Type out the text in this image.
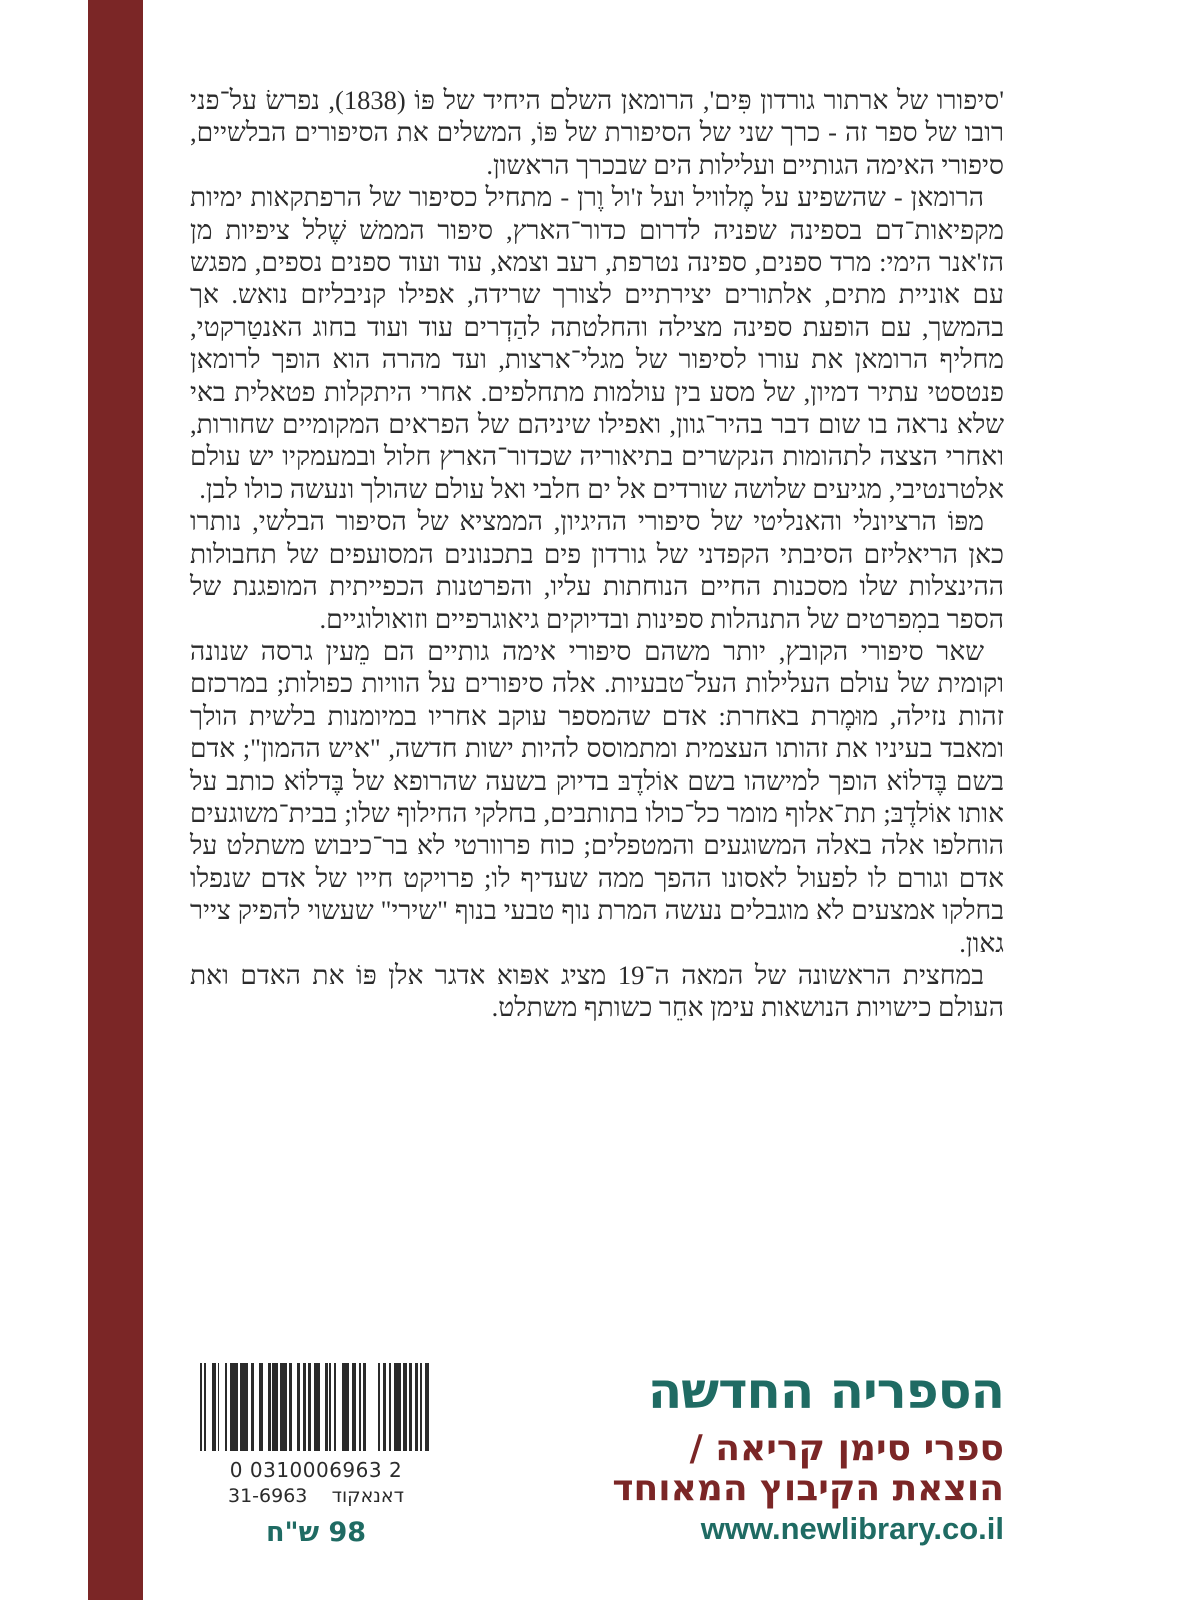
'סיפורו של ארתור גורדון פִּים', הרומאן השלם היחיד של פּוֹ (1838), נפרשׂ על־פני רובו של ספר זה - כרך שני של הסיפורת של פּוֹ, המשלים את הסיפורים הבלשיים, סיפורי האימה הגותיים ועלילות הים שבכרך הראשון.

הרומאן - שהשפיע על מֶלוויל ועל ז'ול וֶרן - מתחיל כסיפור של הרפתקאות ימיות מקפיאות־דם בספינה שפניה לדרום כדור־הארץ, סיפור הממשׁ שֶׁלל ציפיות מן הז'אנר הימי: מרד ספנים, ספינה נטרפת, רעב וצמא, עוד ועוד ספנים נספים, מפגש עם אוניית מתים, אלתורים יצירתיים לצורך שרידה, אפילו קניבליזם נואש. אך בהמשך, עם הופעת ספינה מצילה והחלטתה להַדְרים עוד ועוד בחוג האנטַרקטי, מחליף הרומאן את עורו לסיפור של מגלי־ארצות, ועד מהרה הוא הופך לרומאן פנטסטי עתיר דמיון, של מסע בין עולמות מתחלפים. אחרי היתקלות פטאלית באי שלא נראה בו שום דבר בהיר־גוון, ואפילו שיניהם של הפראים המקומיים שחורות, ואחרי הצצה לתהומות הנקשרים בתיאוריה שכדור־הארץ חלול ובמעמקיו יש עולם אלטרנטיבי, מגיעים שלושה שורדים אל ים חלבי ואל עולם שהולך ונעשה כולו לבן.

מפּוֹ הרציונלי והאנליטי של סיפורי ההיגיון, הממציא של הסיפור הבלשי, נותרו כאן הריאליזם הסיבתי הקפדני של גורדון פים בתכנונים המסועפים של תחבולות ההינצלות שלו מסכנות החיים הנוחתות עליו, והפרטנות הכפייתית המופגנת של הספר במִפרטים של התנהלות ספינות ובדיוקים גיאוגרפיים וזואולוגיים.

שאר סיפורי הקובץ, יותר משהם סיפורי אימה גותיים הם מֵעין גרסה שנונה וקומית של עולם העלילות העל־טבעיות. אלה סיפורים על הוויות כפולות; במרכזם זהות נזילה, מוּמֶרת באחרת: אדם שהמספר עוקב אחריו במיומנות בלשית הולך ומאבד בעיניו את זהותו העצמית ומתמוסס להיות ישות חדשה, "איש ההמון"; אדם בשם בֶּדלוֹא הופך למישהו בשם אוֹלדֶבּ בדיוק בשעה שהרופא של בֶּדלוֹא כותב על אותו אוֹלדֶבּ; תת־אלוף מומר כל־כולו בתותבים, בחלקי החילוף שלו; בבית־משוגעים הוחלפו אלה באלה המשוגעים והמטפלים; כוח פרוורטי לא בר־כיבוש משתלט על אדם וגורם לו לפעול לאסונו ההפך ממה שעדיף לו; פרויקט חייו של אדם שנפלו בחלקו אמצעים לא מוגבלים נעשה המרת נוף טבעי בנוף "שירי" שעשוי להפיק צייר גאון.

במחצית הראשונה של המאה ה־19 מציג אפּוא אדגר אלן פּוֹ את האדם ואת העולם כישויות הנושאות עימן אחֵר כשותף משתלט.

הספריה החדשה
ספרי סימן קריאה /
הוצאת הקיבוץ המאוחד
www.newlibrary.co.il
0 0310006963 2
דאנאקוד    31-6963
98 ש"ח
